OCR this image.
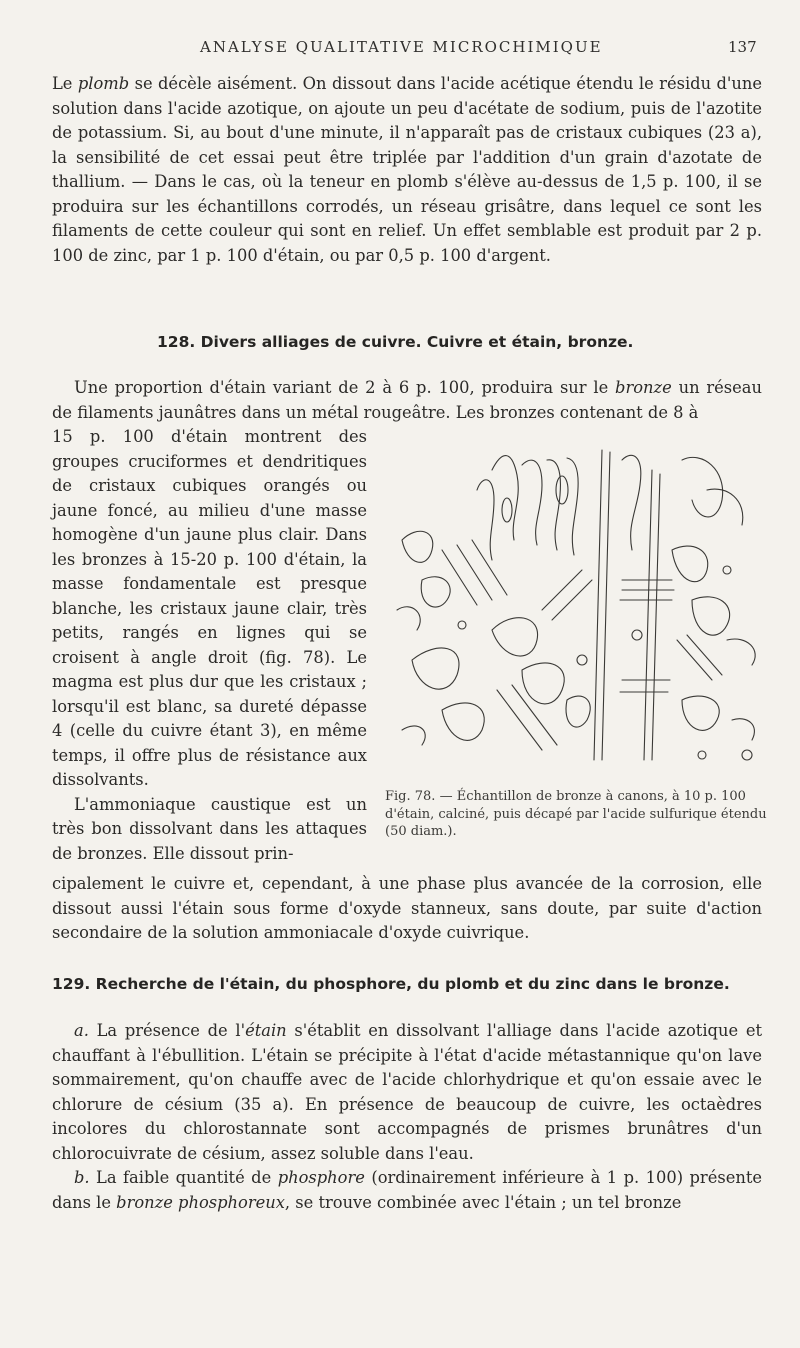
ANALYSE QUALITATIVE MICROCHIMIQUE	137
Le plomb se décèle aisément. On dissout dans l'acide acétique étendu le résidu d'une solution dans l'acide azotique, on ajoute un peu d'acétate de sodium, puis de l'azotite de potassium. Si, au bout d'une minute, il n'apparaît pas de cristaux cubiques (23 a), la sensibilité de cet essai peut être triplée par l'addition d'un grain d'azotate de thallium. — Dans le cas, où la teneur en plomb s'élève au-dessus de 1,5 p. 100, il se produira sur les échantillons corrodés, un réseau grisâtre, dans lequel ce sont les filaments de cette couleur qui sont en relief. Un effet semblable est produit par 2 p. 100 de zinc, par 1 p. 100 d'étain, ou par 0,5 p. 100 d'argent.
128. Divers alliages de cuivre. Cuivre et étain, bronze.
Une proportion d'étain variant de 2 à 6 p. 100, produira sur le bronze un réseau de filaments jaunâtres dans un métal rougeâtre. Les bronzes contenant de 8 à
15 p. 100 d'étain montrent des groupes cruciformes et dendritiques de cristaux cubiques orangés ou jaune foncé, au milieu d'une masse homogène d'un jaune plus clair. Dans les bronzes à 15-20 p. 100 d'étain, la masse fondamentale est presque blanche, les cristaux jaune clair, très petits, rangés en lignes qui se croisent à angle droit (fig. 78). Le magma est plus dur que les cristaux ; lorsqu'il est blanc, sa dureté dépasse 4 (celle du cuivre étant 3), en même temps, il offre plus de résistance aux dissolvants.
L'ammoniaque caustique est un très bon dissolvant dans les attaques de bronzes. Elle dissout prin-
cipalement le cuivre et, cependant, à une phase plus avancée de la corrosion, elle dissout aussi l'étain sous forme d'oxyde stanneux, sans doute, par suite d'action secondaire de la solution ammoniacale d'oxyde cuivrique.
Fig. 78. — Échantillon de bronze à canons, à 10 p. 100 d'étain, calciné, puis décapé par l'acide sulfurique étendu (50 diam.).
129. Recherche de l'étain, du phosphore, du plomb et du zinc dans le bronze.
a. La présence de l'étain s'établit en dissolvant l'alliage dans l'acide azotique et chauffant à l'ébullition. L'étain se précipite à l'état d'acide métastannique qu'on lave sommairement, qu'on chauffe avec de l'acide chlorhydrique et qu'on essaie avec le chlorure de césium (35 a). En présence de beaucoup de cuivre, les octaèdres incolores du chlorostannate sont accompagnés de prismes brunâtres d'un chlorocuivrate de césium, assez soluble dans l'eau.
b. La faible quantité de phosphore (ordinairement inférieure à 1 p. 100) présente dans le bronze phosphoreux, se trouve combinée avec l'étain ; un tel bronze
